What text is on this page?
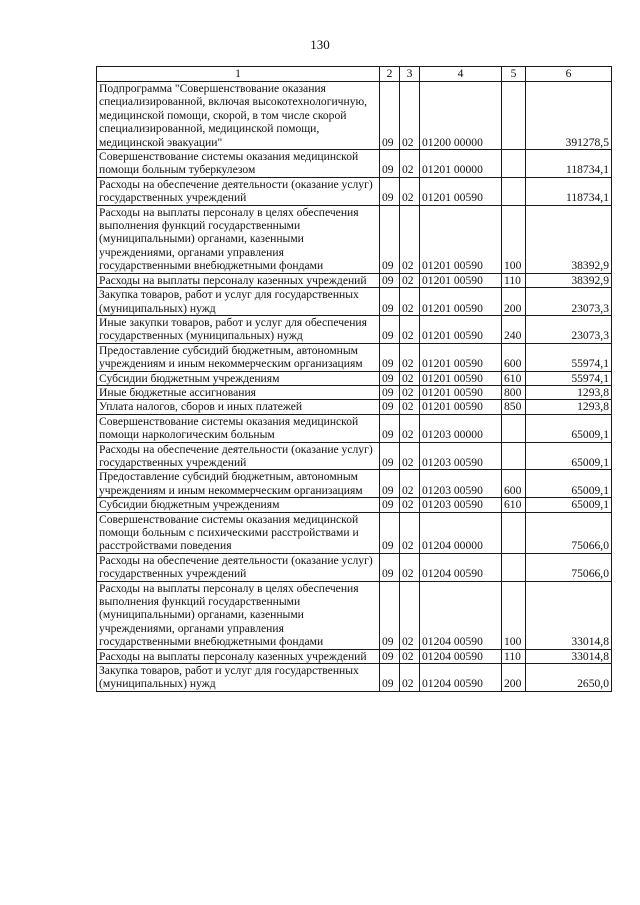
130
1	2	3	4	5	6
Подпрограмма "Совершенствование оказания специализированной, включая высокотехнологичную, медицинской помощи, скорой, в том числе скорой специализированной, медицинской помощи, медицинской эвакуации"	09	02	01200 00000		391278,5
Совершенствование системы оказания медицинской помощи больным туберкулезом	09	02	01201 00000		118734,1
Расходы на обеспечение деятельности (оказание услуг) государственных учреждений	09	02	01201 00590		118734,1
Расходы на выплаты персоналу в целях обеспечения выполнения функций государственными (муниципальными) органами, казенными учреждениями, органами управления государственными внебюджетными фондами	09	02	01201 00590	100	38392,9
Расходы на выплаты персоналу казенных учреждений	09	02	01201 00590	110	38392,9
Закупка товаров, работ и услуг для государственных (муниципальных) нужд	09	02	01201 00590	200	23073,3
Иные закупки товаров, работ и услуг для обеспечения государственных (муниципальных) нужд	09	02	01201 00590	240	23073,3
Предоставление субсидий бюджетным, автономным учреждениям и иным некоммерческим организациям	09	02	01201 00590	600	55974,1
Субсидии бюджетным учреждениям	09	02	01201 00590	610	55974,1
Иные бюджетные ассигнования	09	02	01201 00590	800	1293,8
Уплата налогов, сборов и иных платежей	09	02	01201 00590	850	1293,8
Совершенствование системы оказания медицинской помощи наркологическим больным	09	02	01203 00000		65009,1
Расходы на обеспечение деятельности (оказание услуг) государственных учреждений	09	02	01203 00590		65009,1
Предоставление субсидий бюджетным, автономным учреждениям и иным некоммерческим организациям	09	02	01203 00590	600	65009,1
Субсидии бюджетным учреждениям	09	02	01203 00590	610	65009,1
Совершенствование системы оказания медицинской помощи больным с психическими расстройствами и расстройствами поведения	09	02	01204 00000		75066,0
Расходы на обеспечение деятельности (оказание услуг) государственных учреждений	09	02	01204 00590		75066,0
Расходы на выплаты персоналу в целях обеспечения выполнения функций государственными (муниципальными) органами, казенными учреждениями, органами управления государственными внебюджетными фондами	09	02	01204 00590	100	33014,8
Расходы на выплаты персоналу казенных учреждений	09	02	01204 00590	110	33014,8
Закупка товаров, работ и услуг для государственных (муниципальных) нужд	09	02	01204 00590	200	2650,0
